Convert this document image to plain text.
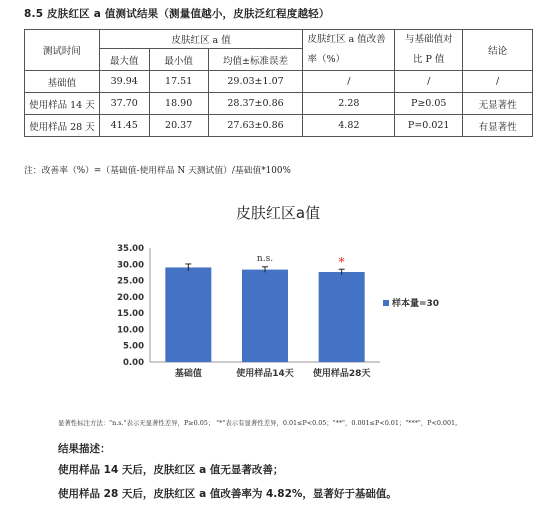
8.5 皮肤红区 a 值测试结果（测量值越小，皮肤泛红程度越轻）
测试时间	皮肤红区 a 值			皮肤红区 a 值改善率（%）	与基础值对比 P 值	结论
	最大值	最小值	均值±标准误差			
基础值	39.94	17.51	29.03±1.07	/	/	/
使用样品 14 天	37.70	18.90	28.37±0.86	2.28	P≥0.05	无显著性
使用样品 28 天	41.45	20.37	27.63±0.86	4.82	P=0.021	有显著性
注：改善率（%）=（基础值-使用样品 N 天测试值）/基础值*100%
皮肤红区a值
0.00
5.00
10.00
15.00
20.00
25.00
30.00
35.00
基础值
n.s.
使用样品14天
*
使用样品28天
样本量=30
显著性标注方法："n.s."表示无显著性差异，P≥0.05； "*"表示有显著性差异，0.01≤P<0.05；"**"，0.001≤P<0.01；"***"，P<0.001。
结果描述：
使用样品 14 天后，皮肤红区 a 值无显著改善；
使用样品 28 天后，皮肤红区 a 值改善率为 4.82%，显著好于基础值。
